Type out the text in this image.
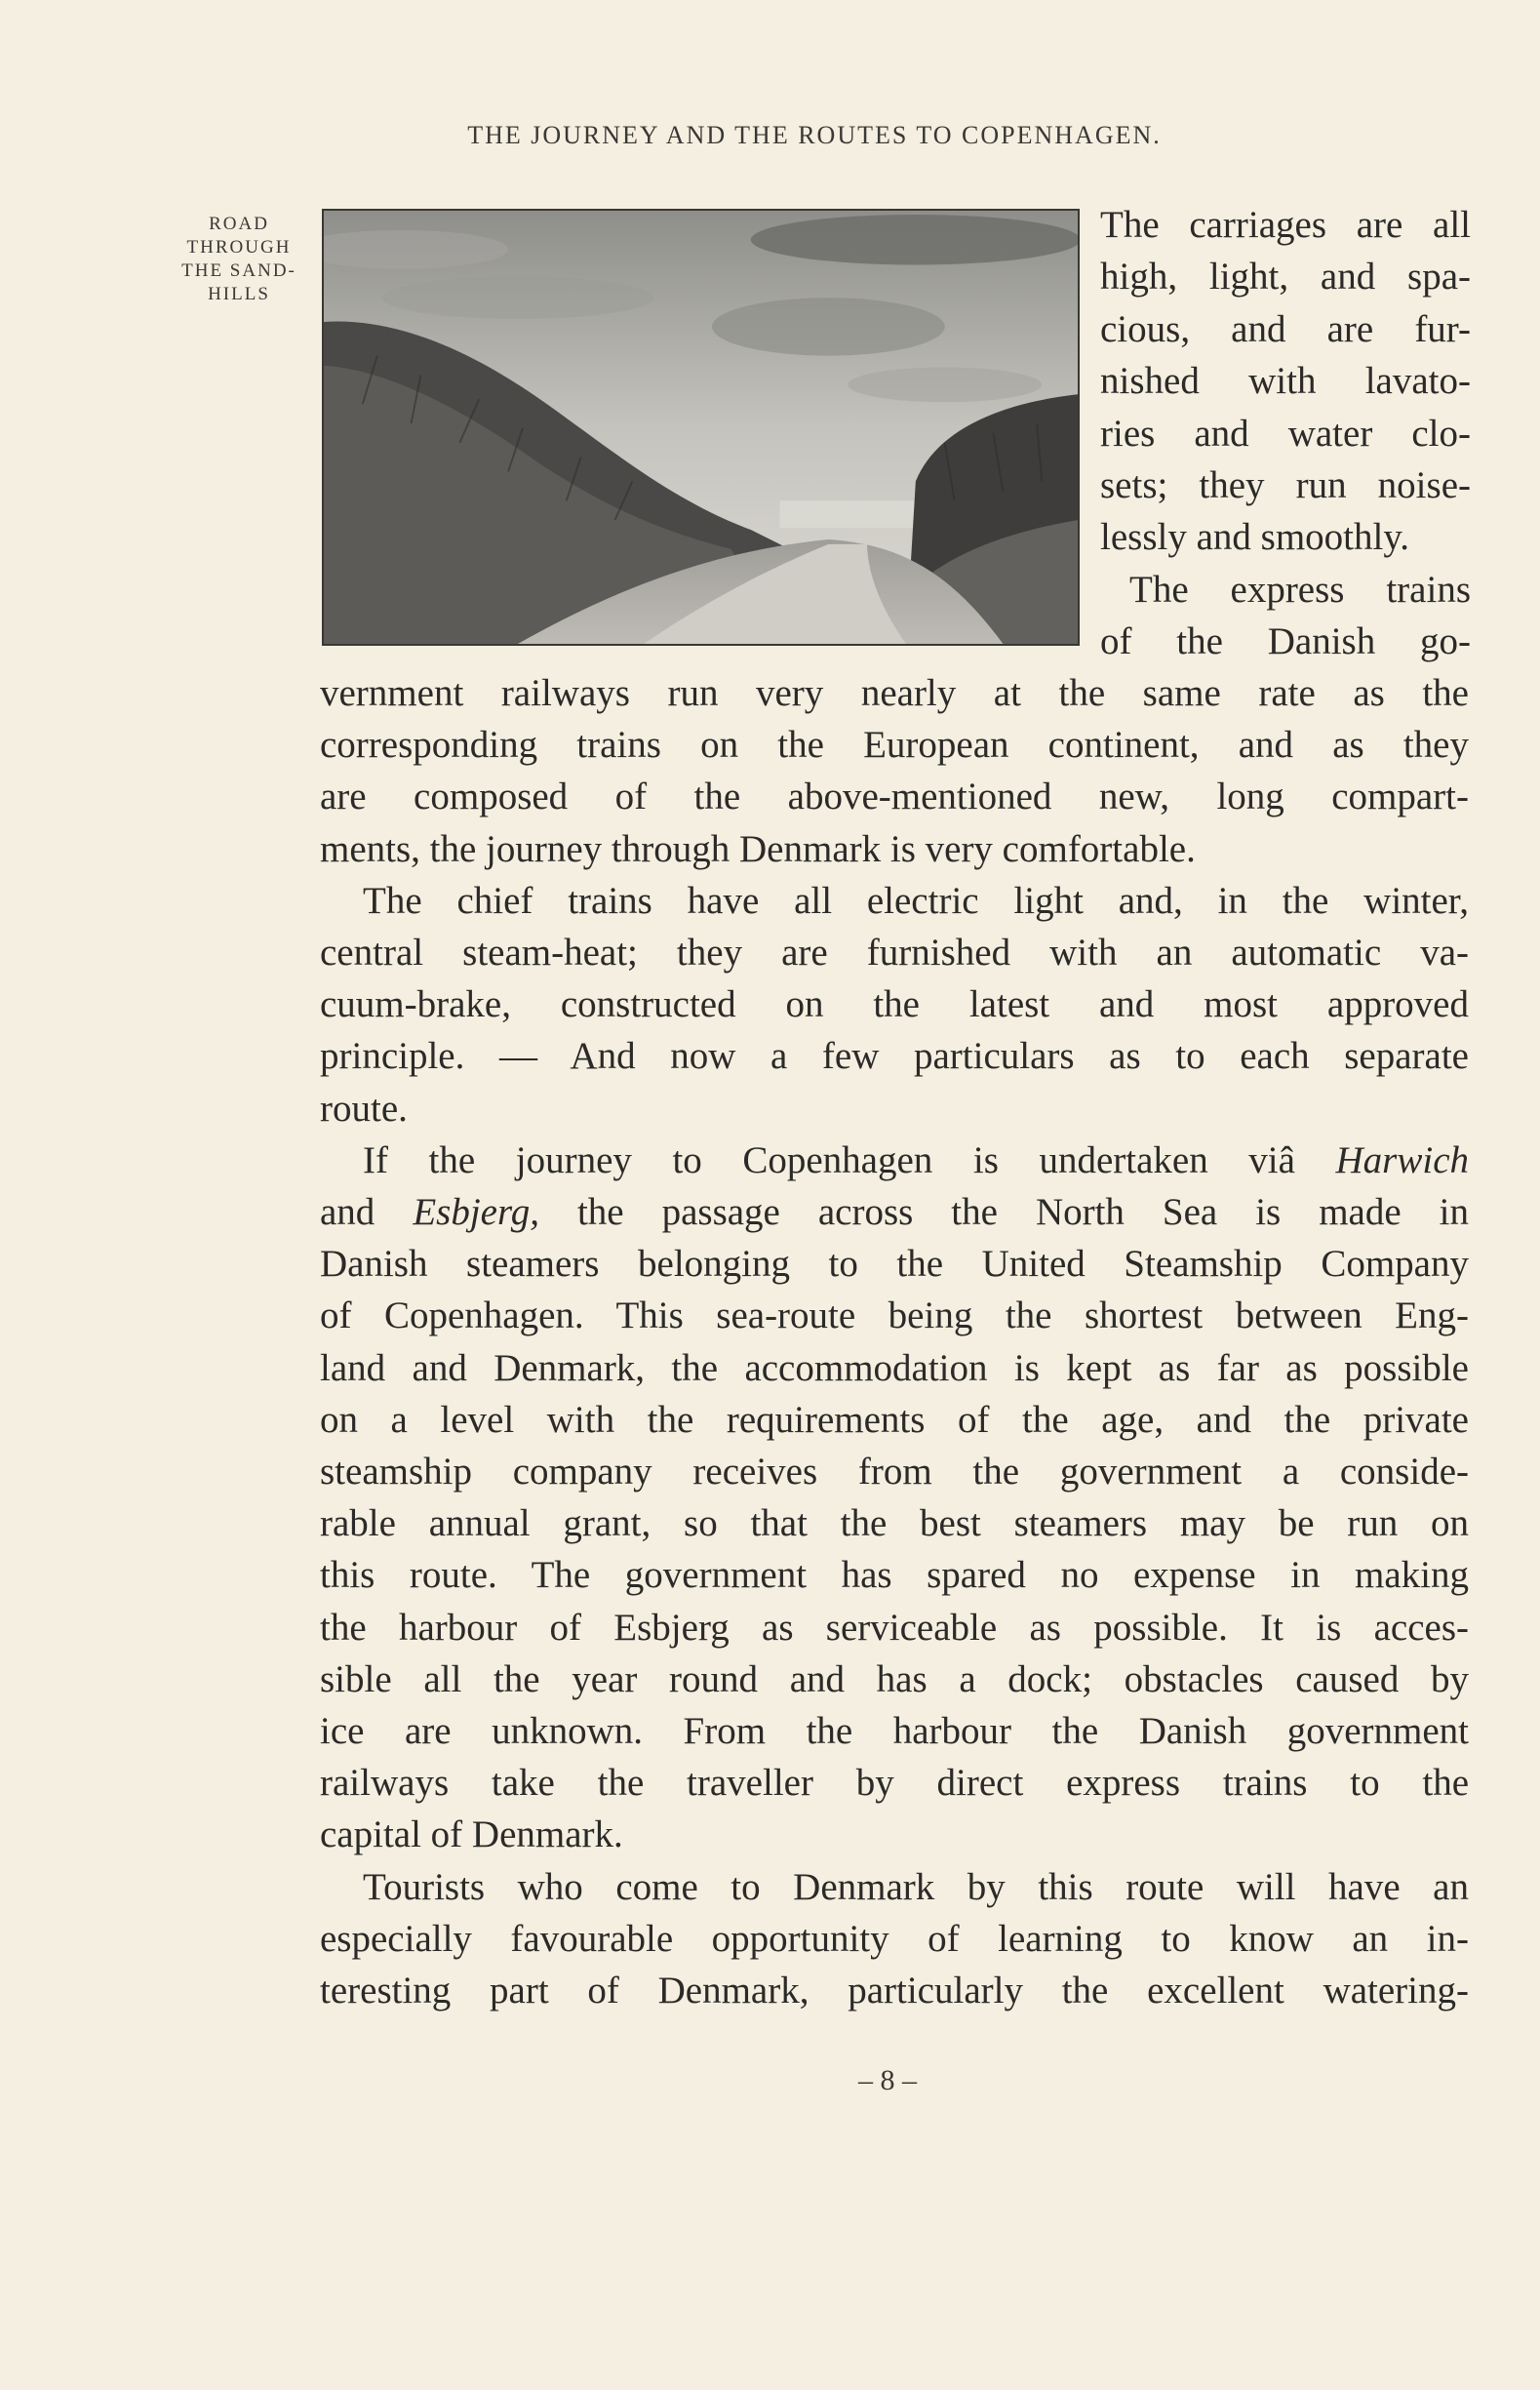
THE JOURNEY AND THE ROUTES TO COPENHAGEN.
ROAD
THROUGH
THE SAND-
HILLS
The carriages are all
high, light, and spa-
cious, and are fur-
nished with lavato-
ries and water clo-
sets; they run noise-
lessly and smoothly.
The express trains
of the Danish go-
vernment railways run very nearly at the same rate as the
corresponding trains on the European continent, and as they
are composed of the above-mentioned new, long compart-
ments, the journey through Denmark is very comfortable.
The chief trains have all electric light and, in the winter,
central steam-heat; they are furnished with an automatic va-
cuum-brake, constructed on the latest and most approved
principle. — And now a few particulars as to each separate
route.
If the journey to Copenhagen is undertaken viâ Harwich
and Esbjerg, the passage across the North Sea is made in
Danish steamers belonging to the United Steamship Company
of Copenhagen. This sea-route being the shortest between Eng-
land and Denmark, the accommodation is kept as far as possible
on a level with the requirements of the age, and the private
steamship company receives from the government a conside-
rable annual grant, so that the best steamers may be run on
this route. The government has spared no expense in making
the harbour of Esbjerg as serviceable as possible. It is acces-
sible all the year round and has a dock; obstacles caused by
ice are unknown. From the harbour the Danish government
railways take the traveller by direct express trains to the
capital of Denmark.
Tourists who come to Denmark by this route will have an
especially favourable opportunity of learning to know an in-
teresting part of Denmark, particularly the excellent watering-
– 8 –
